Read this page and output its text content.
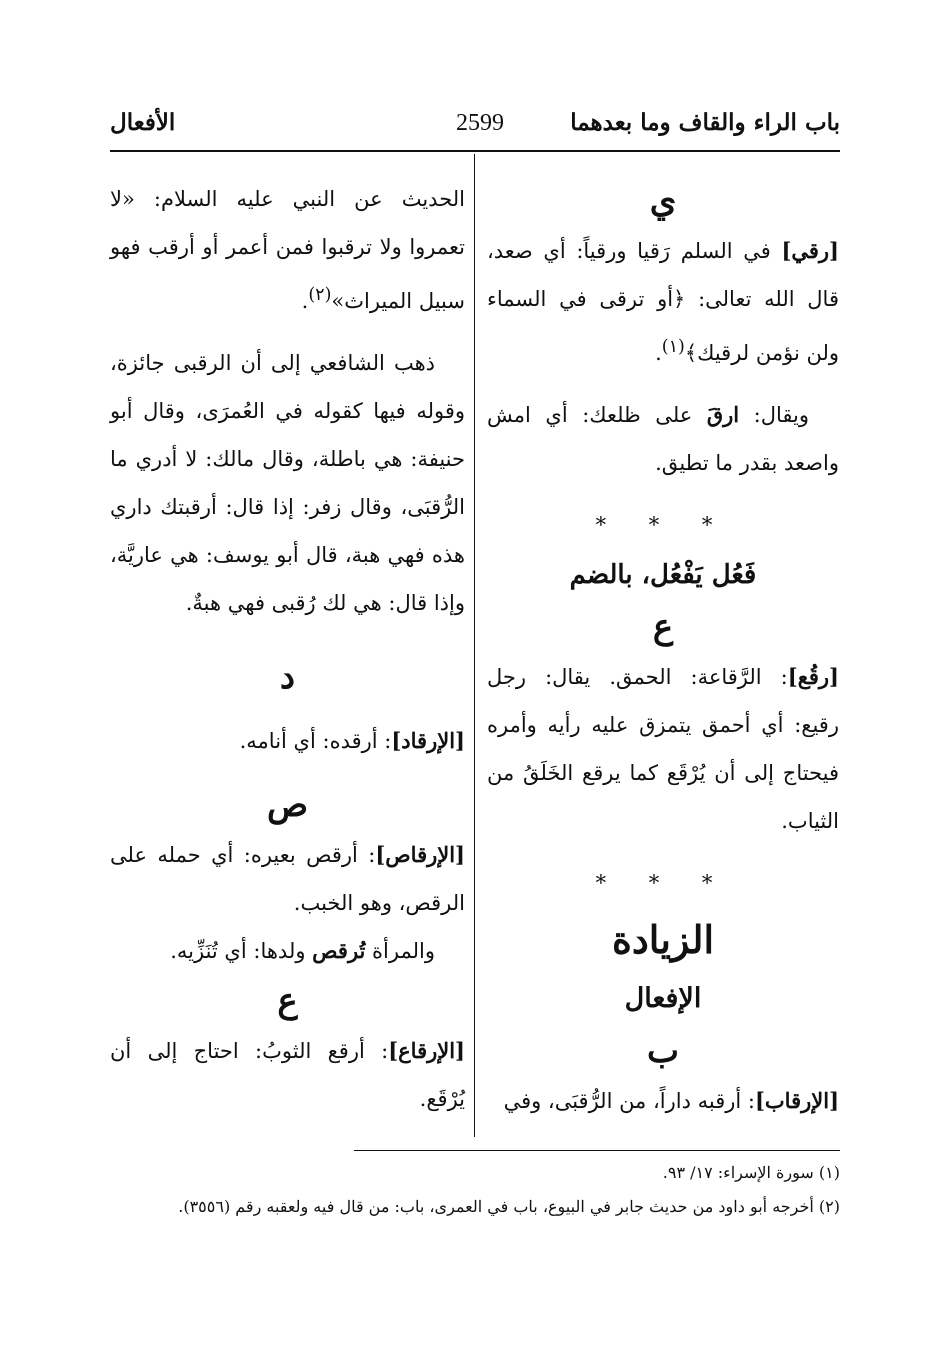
باب الراء والقاف وما بعدهما
2599
الأفعال

ي

[رقي] في السلم رَقيا ورقياً: أي صعد، قال الله تعالى: ﴿أو ترقى في السماء ولن نؤمن لرقيك﴾$^{(١)}$.

ويقال: ارقَ على ظلعك: أي امش واصعد بقدر ما تطيق.

* * *

فَعُل يَفْعُل، بالضم

ع

[رقُع]: الرَّقاعة: الحمق. يقال: رجل رقيع: أي أحمق يتمزق عليه رأيه وأمره فيحتاج إلى أن يُرْقَع كما يرقع الخَلَقُ من الثياب.

* * *

الزيادة

الإفعال

ب

[الإرقاب]: أرقبه داراً، من الرُّقبَى، وفي

الحديث عن النبي عليه السلام: «لا تعمروا ولا ترقبوا فمن أعمر أو أرقب فهو سبيل الميراث»$^{(٢)}$.

ذهب الشافعي إلى أن الرقبى جائزة، وقوله فيها كقوله في العُمرَى، وقال أبو حنيفة: هي باطلة، وقال مالك: لا أدري ما الرُّقبَى، وقال زفر: إذا قال: أرقبتك داري هذه فهي هبة، قال أبو يوسف: هي عاريَّة، وإذا قال: هي لك رُقبى فهي هبةٌ.

د

[الإرقاد]: أرقده: أي أنامه.

ص

[الإرقاص]: أرقص بعيره: أي حمله على الرقص، وهو الخبب.

والمرأة تُرقص ولدها: أي تُنَزِّيه.

ع

[الإرقاع]: أرقع الثوبُ: احتاج إلى أن يُرْقَع.

(١) سورة الإسراء: ١٧/ ٩٣.
(٢) أخرجه أبو داود من حديث جابر في البيوع، باب في العمرى، باب: من قال فيه ولعقبه رقم (٣٥٥٦).
